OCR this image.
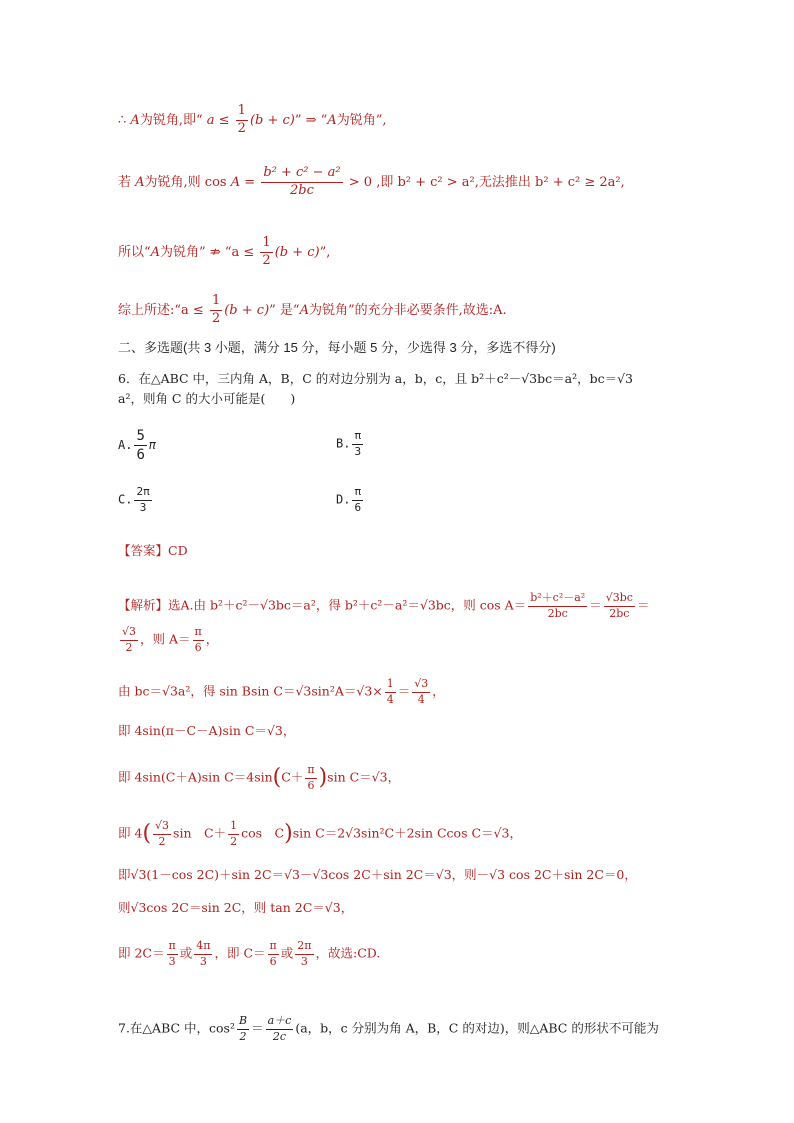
∴ A为锐角,即“ $a \le \frac{1}{2} (b + c)$” ⇒ “A为锐角”,
若 A为锐角,则 $\cos A = \frac{\text{b² + c² − a²}}{2bc} > 0$ ,即 b² + c² > a²,无法推出 b² + c² ≥ 2a²,
所以“A为锐角” ⇏ “$a \le \frac{1}{2} (b + c)$”,
综上所述:“a ≤ $\frac{1}{2} (b + c)$” 是“A为锐角”的充分非必要条件,故选:A.
二、多选题(共 3 小题，满分 15 分，每小题 5 分，少选得 3 分，多选不得分)
6．在△ABC 中，三内角 A，B，C 的对边分别为 a，b，c，且 b²＋c²－√3bc＝a²，bc＝√3
a²，则角 C 的大小可能是(　　)
A. $\frac{5}{6}$ π	B. $\frac{\pi}{3}$
C. $\frac{2\pi}{3}$	D. $\frac{\pi}{6}$
【答案】CD
【解析】选A.由 b²＋c²－√3bc＝a²，得 b²＋c²－a²＝√3bc，则 $\cos A= \frac{\text{b²＋c²－a²}}{2bc} = \frac{√3bc}{2bc}$ ＝
$\frac{√3}{2}$ ，则 $A= \frac{\pi}{6}$ ，
由 bc＝√3a²，得 sin Bsin $C=√3\sin^2A=√3\times \frac{1}{4} = \frac{√3}{4}$ ，
即 4sin(π－C－A)sin C＝√3，
即 4sin(C＋A)sin $C=4\sin(C+ \frac{\pi}{6} )\sin$ C＝√3，
即 $4( \frac{√3}{2}$ sin　$C+ \frac{1}{2}$ cos　C)sin C＝2√3sin²C＋2sin Ccos C＝√3，
即√3(1－cos 2C)＋sin 2C＝√3－√3cos 2C＋sin 2C＝√3，则－√3 cos 2C＋sin 2C＝0，
则√3cos 2C＝sin 2C，则 tan 2C＝√3，
即 $2C= \frac{\pi}{3}$ 或 $\frac{4\pi}{3}$ ，即 $C= \frac{\pi}{6}$ 或 $\frac{2\pi}{3}$ ，故选:CD.
7.在△ABC 中，$\cos^2 \frac{B}{2} = \frac{a+c}{2c} (a$，b，c 分别为角 A，B，C 的对边)，则△ABC 的形状不可能为
